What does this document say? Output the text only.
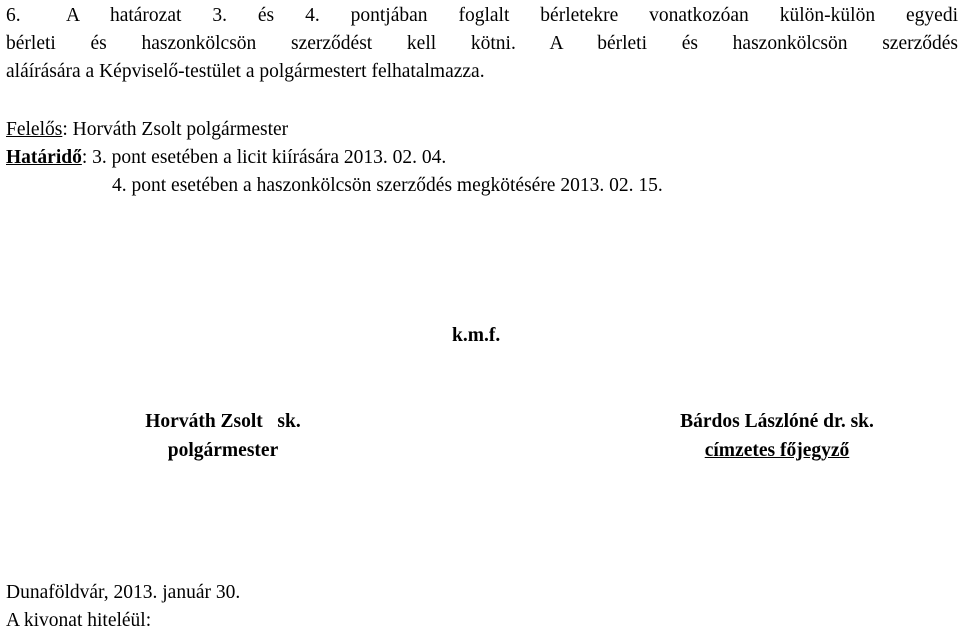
6. A határozat 3. és 4. pontjában foglalt bérletekre vonatkozóan külön-külön egyedi
bérleti és haszonkölcsön szerződést kell kötni. A bérleti és haszonkölcsön szerződés
aláírására a Képviselő-testület a polgármestert felhatalmazza.
Felelős: Horváth Zsolt polgármester
Határidő: 3. pont esetében a licit kiírására 2013. 02. 04.
4. pont esetében a haszonkölcsön szerződés megkötésére 2013. 02. 15.
k.m.f.
Horváth Zsolt   sk.
polgármester
Bárdos Lászlóné dr. sk.
címzetes főjegyző
Dunaföldvár, 2013. január 30.
A kivonat hiteléül:
